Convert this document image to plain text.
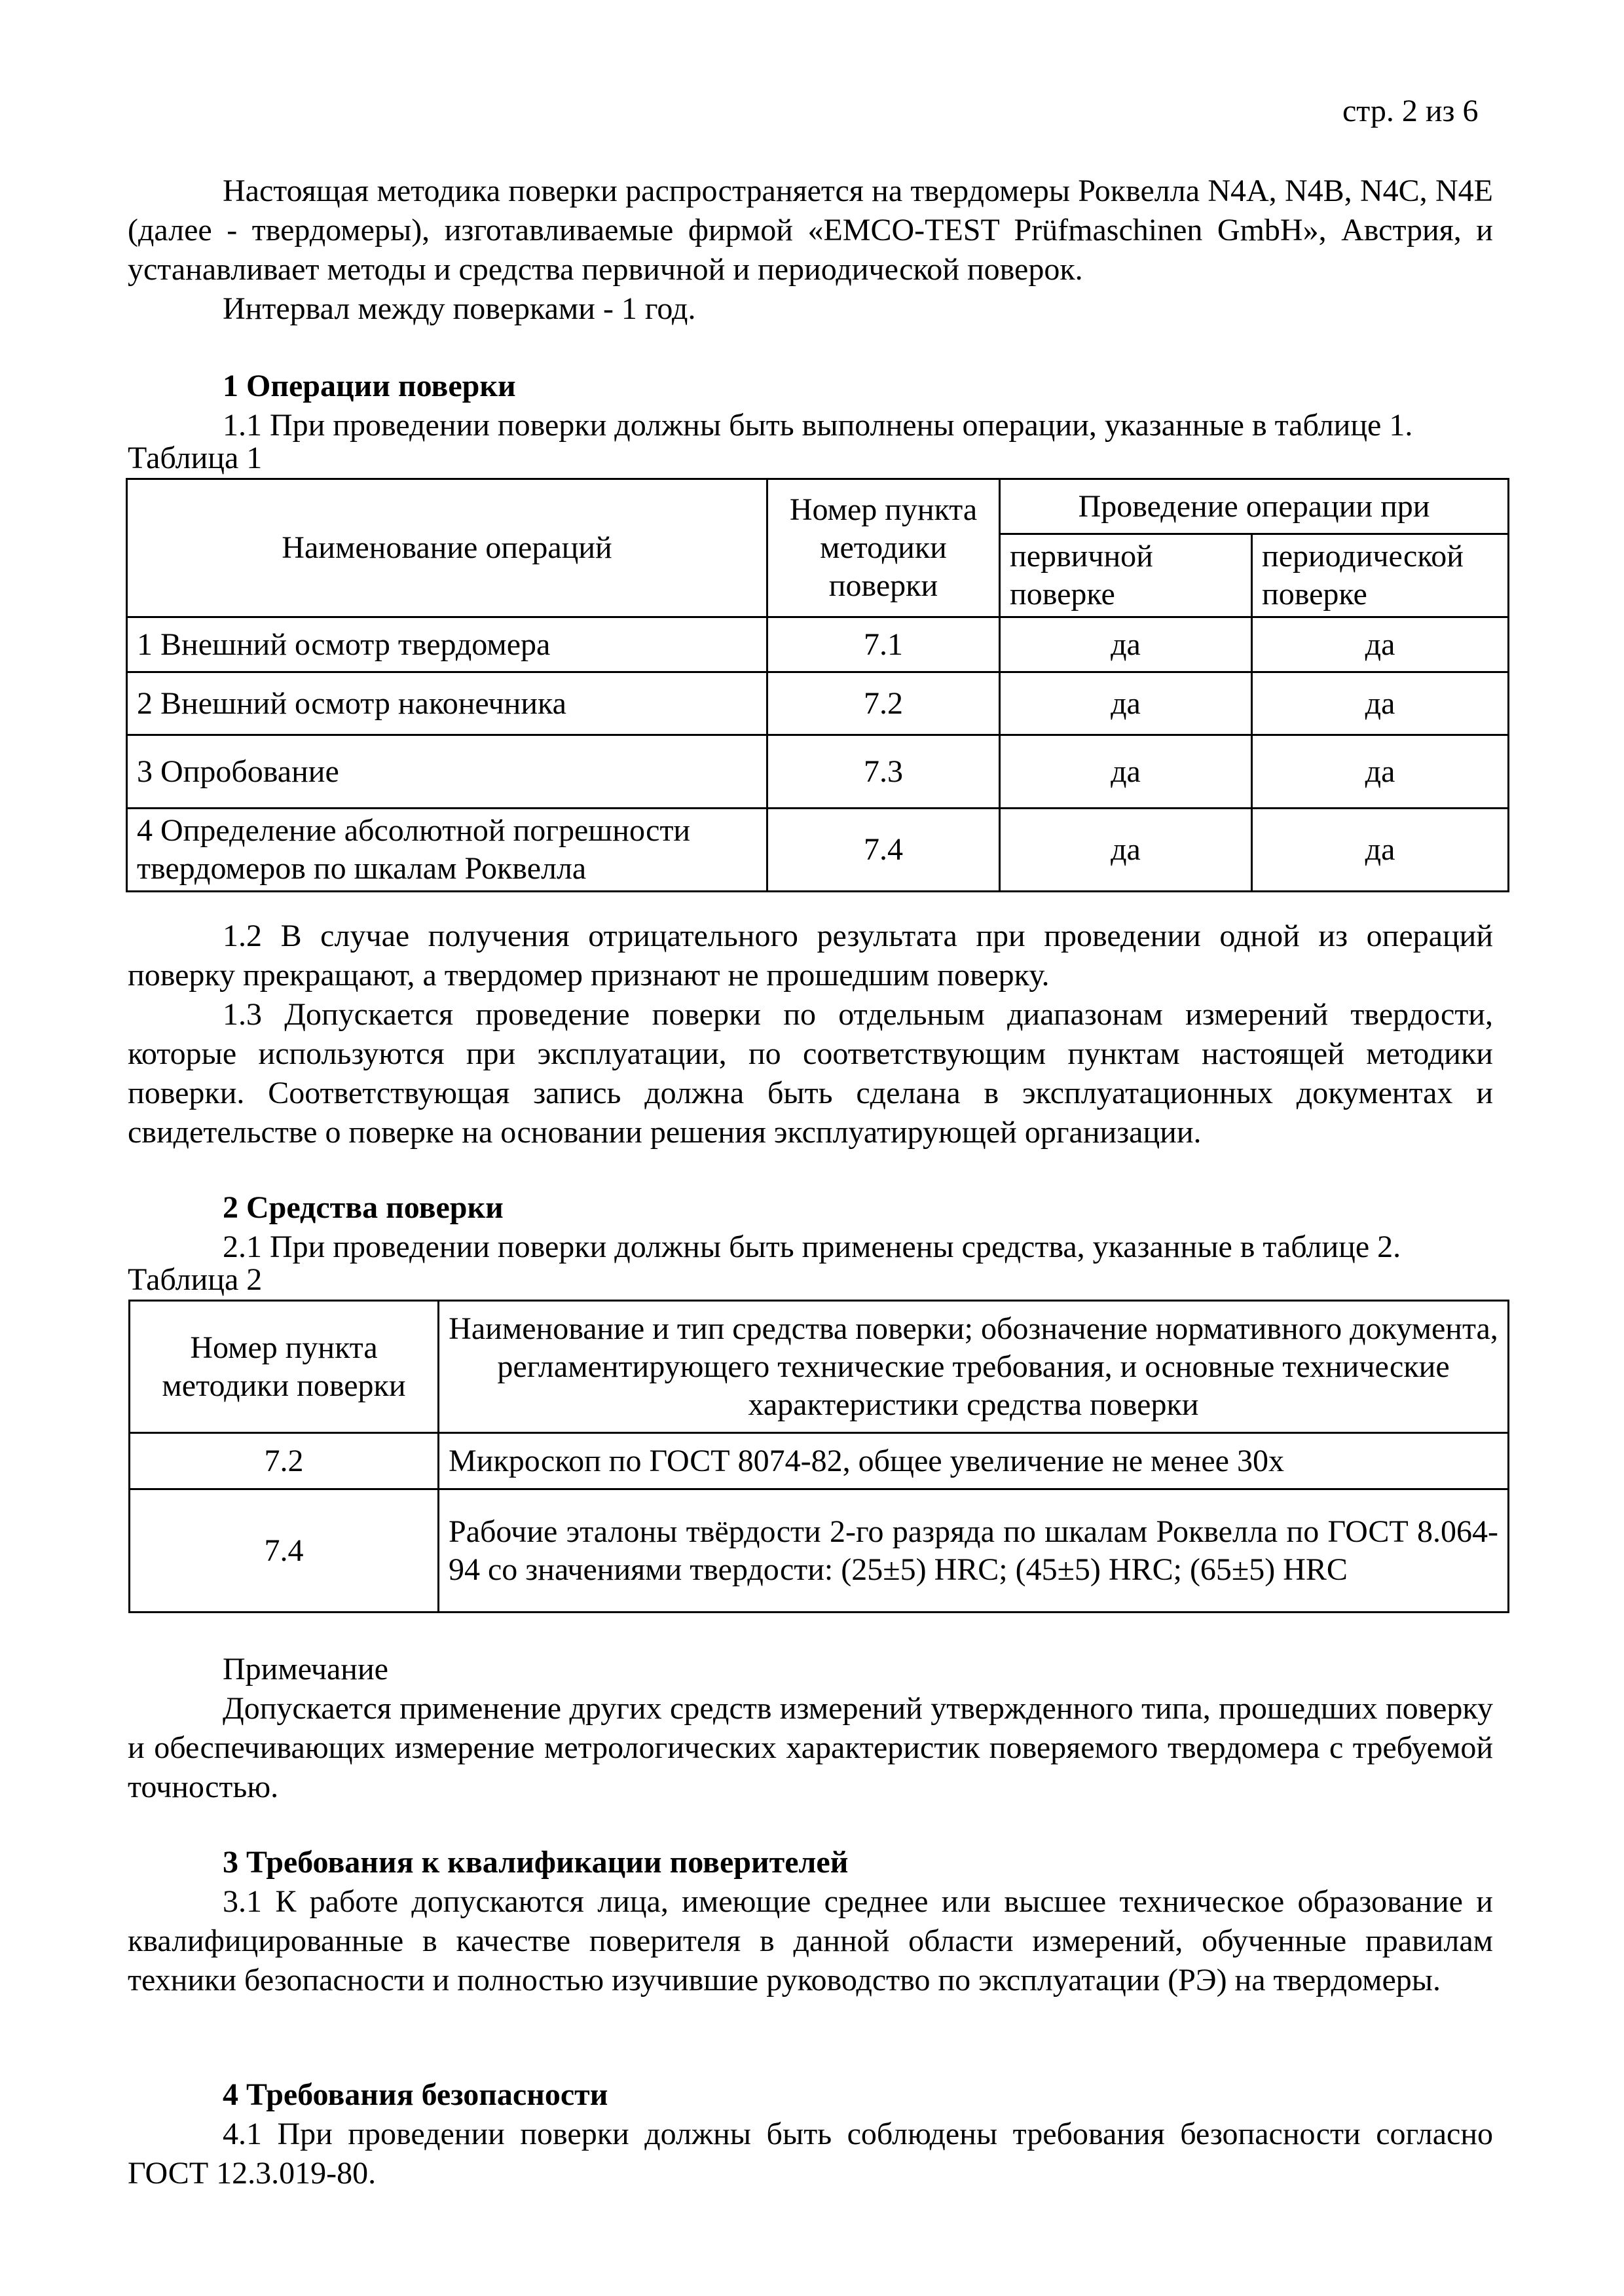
стр. 2 из 6

Настоящая методика поверки распространяется на твердомеры Роквелла N4A, N4B, N4C, N4E (далее - твердомеры), изготавливаемые фирмой «EMCO-TEST Prüfmaschinen GmbH», Австрия, и устанавливает методы и средства первичной и периодической поверок.

Интервал между поверками - 1 год.

1 Операции поверки

1.1 При проведении поверки должны быть выполнены операции, указанные в таблице 1.

Таблица 1
Наименование операций	Номер пункта методики поверки	Проведение операции при	
		первичной поверке	периодической поверке
1 Внешний осмотр твердомера	7.1	да	да
2 Внешний осмотр наконечника	7.2	да	да
3 Опробование	7.3	да	да
4 Определение абсолютной погрешности твердомеров по шкалам Роквелла	7.4	да	да

1.2 В случае получения отрицательного результата при проведении одной из операций поверку прекращают, а твердомер признают не прошедшим поверку.

1.3 Допускается проведение поверки по отдельным диапазонам измерений твердости, которые используются при эксплуатации, по соответствующим пунктам настоящей методики поверки. Соответствующая запись должна быть сделана в эксплуатационных документах и свидетельстве о поверке на основании решения эксплуатирующей организации.

2 Средства поверки

2.1 При проведении поверки должны быть применены средства, указанные в таблице 2.

Таблица 2
Номер пункта методики поверки	Наименование и тип средства поверки; обозначение нормативного документа, регламентирующего технические требования, и основные технические характеристики средства поверки
7.2	Микроскоп по ГОСТ 8074-82, общее увеличение не менее 30x
7.4	Рабочие эталоны твёрдости 2-го разряда по шкалам Роквелла по ГОСТ 8.064-94 со значениями твердости: (25±5) HRC; (45±5) HRC; (65±5) HRC

Примечание

Допускается применение других средств измерений утвержденного типа, прошедших поверку и обеспечивающих измерение метрологических характеристик поверяемого твердомера с требуемой точностью.

3 Требования к квалификации поверителей

3.1 К работе допускаются лица, имеющие среднее или высшее техническое образование и квалифицированные в качестве поверителя в данной области измерений, обученные правилам техники безопасности и полностью изучившие руководство по эксплуатации (РЭ) на твердомеры.

4 Требования безопасности

4.1 При проведении поверки должны быть соблюдены требования безопасности согласно ГОСТ 12.3.019-80.
